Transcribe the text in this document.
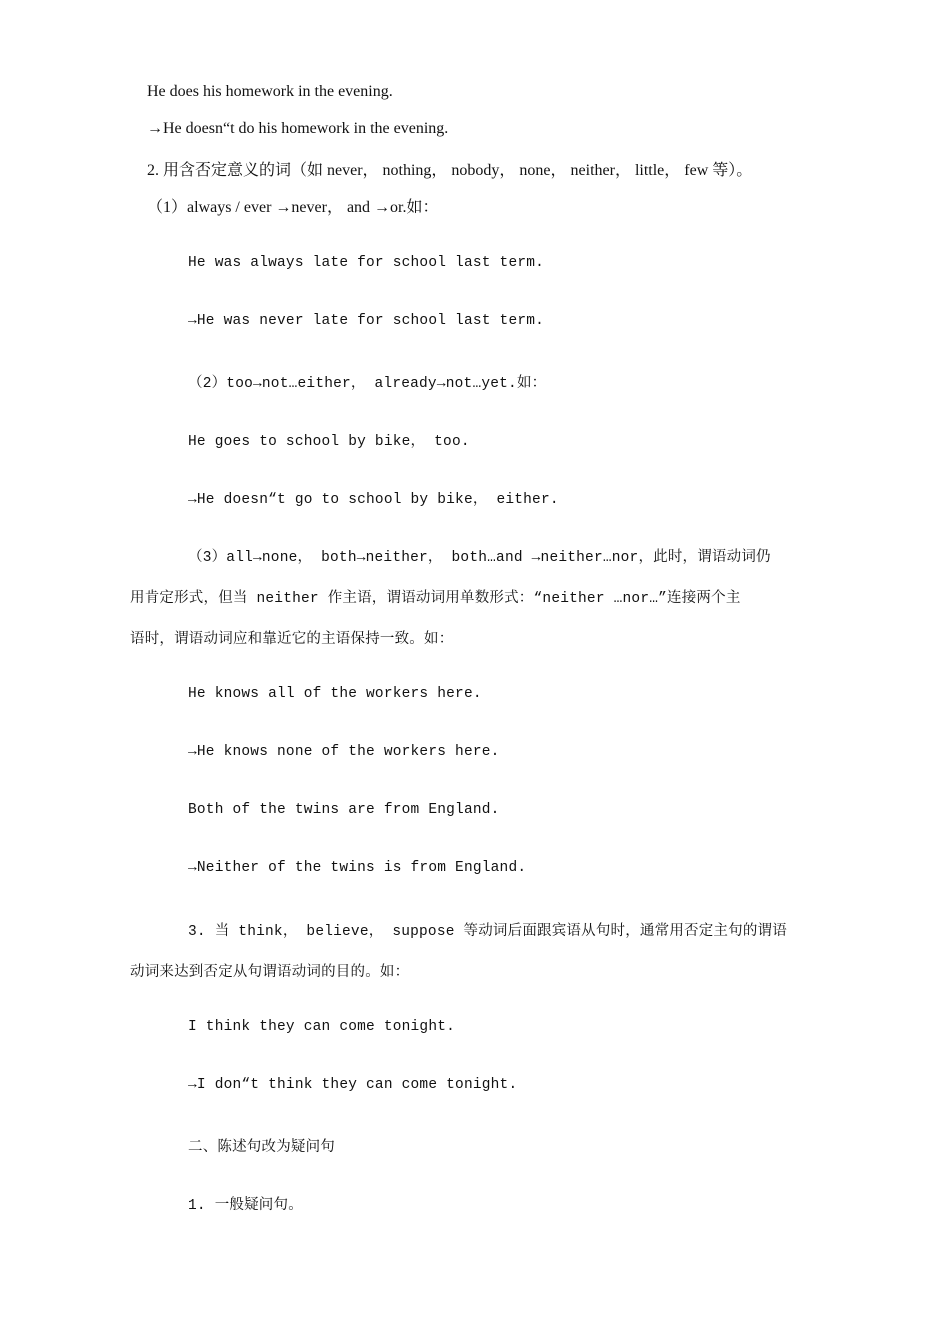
He does his homework in the evening.
→He doesn“t do his homework in the evening.
2. 用含否定意义的词（如 never， nothing， nobody， none， neither， little， few 等）。
（1）always / ever →never， and →or.如：
He was always late for school last term.
→He was never late for school last term.
（2）too→not…either， already→not…yet.如：
He goes to school by bike， too.
→He doesn“t go to school by bike， either.
（3）all→none， both→neither， both…and →neither…nor，此时，谓语动词仍
用肯定形式，但当 neither 作主语，谓语动词用单数形式：“neither …nor…”连接两个主
语时，谓语动词应和靠近它的主语保持一致。如：
He knows all of the workers here.
→He knows none of the workers here.
Both of the twins are from England.
→Neither of the twins is from England.
3. 当 think， believe， suppose 等动词后面跟宾语从句时，通常用否定主句的谓语
动词来达到否定从句谓语动词的目的。如：
I think they can come tonight.
→I don“t think they can come tonight.
二、陈述句改为疑问句
1. 一般疑问句。
